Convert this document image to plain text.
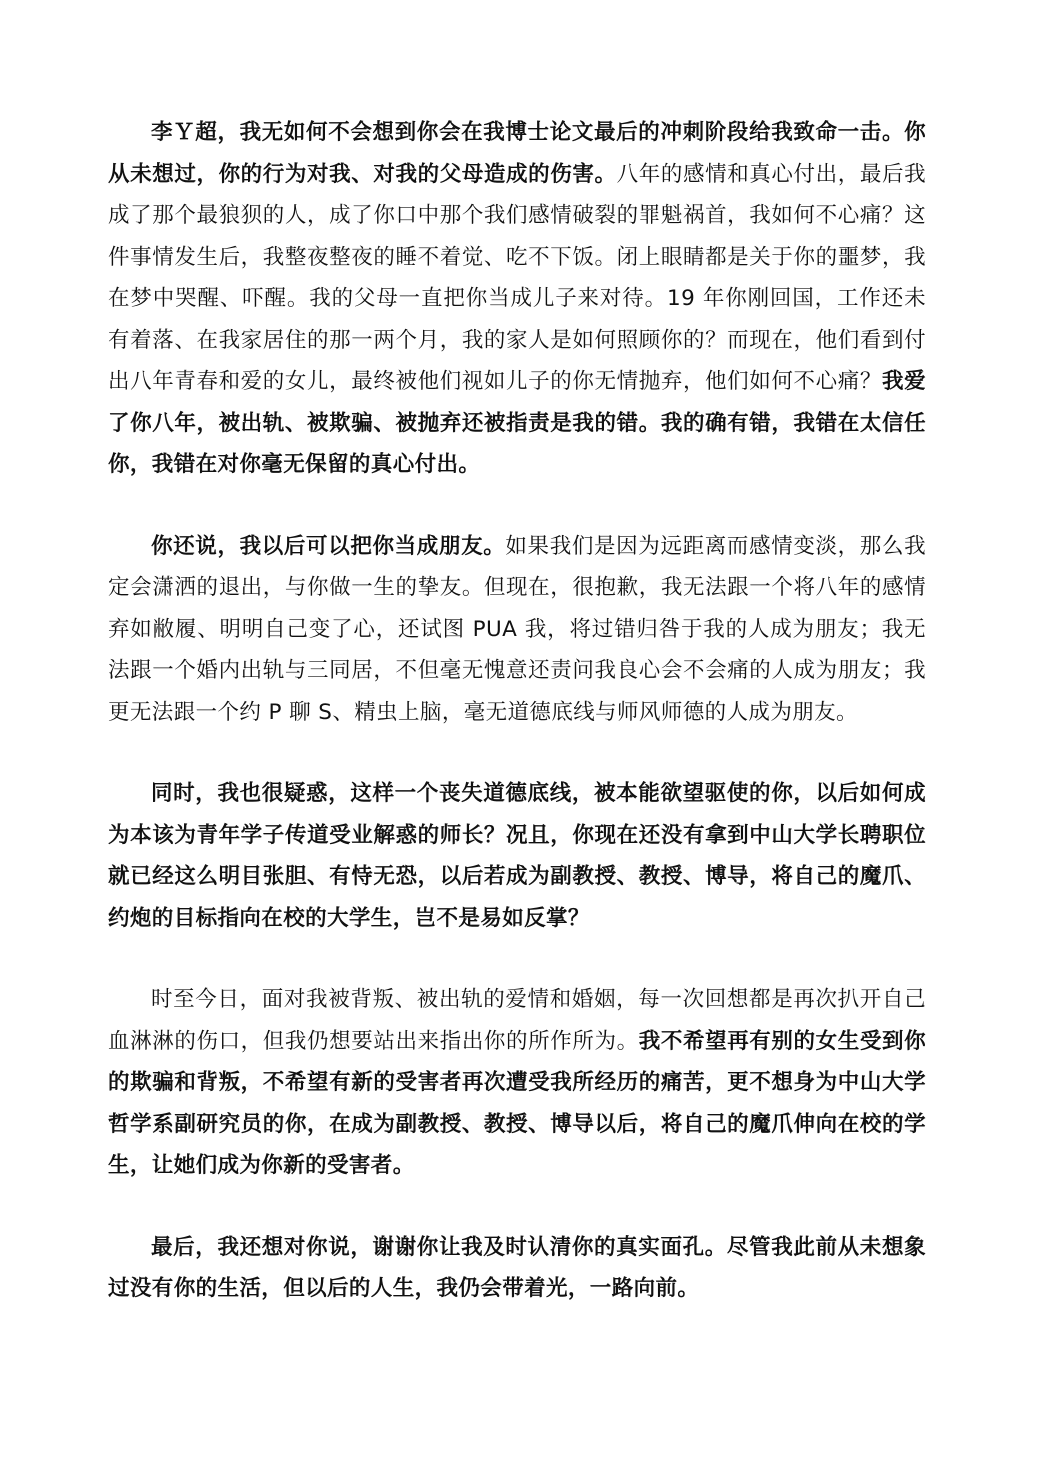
李Ｙ超，我无如何不会想到你会在我博士论文最后的冲刺阶段给我致命一击。你从未想过，你的行为对我、对我的父母造成的伤害。八年的感情和真心付出，最后我成了那个最狼狈的人，成了你口中那个我们感情破裂的罪魁祸首，我如何不心痛？这件事情发生后，我整夜整夜的睡不着觉、吃不下饭。闭上眼睛都是关于你的噩梦，我在梦中哭醒、吓醒。我的父母一直把你当成儿子来对待。19 年你刚回国，工作还未有着落、在我家居住的那一两个月，我的家人是如何照顾你的？而现在，他们看到付出八年青春和爱的女儿，最终被他们视如儿子的你无情抛弃，他们如何不心痛？我爱了你八年，被出轨、被欺骗、被抛弃还被指责是我的错。我的确有错，我错在太信任你，我错在对你毫无保留的真心付出。

你还说，我以后可以把你当成朋友。如果我们是因为远距离而感情变淡，那么我定会潇洒的退出，与你做一生的挚友。但现在，很抱歉，我无法跟一个将八年的感情弃如敝履、明明自己变了心，还试图 PUA 我，将过错归咎于我的人成为朋友；我无法跟一个婚内出轨与三同居，不但毫无愧意还责问我良心会不会痛的人成为朋友；我更无法跟一个约 P 聊 S、精虫上脑，毫无道德底线与师风师德的人成为朋友。

同时，我也很疑惑，这样一个丧失道德底线，被本能欲望驱使的你，以后如何成为本该为青年学子传道受业解惑的师长？况且，你现在还没有拿到中山大学长聘职位就已经这么明目张胆、有恃无恐，以后若成为副教授、教授、博导，将自己的魔爪、约炮的目标指向在校的大学生，岂不是易如反掌？

时至今日，面对我被背叛、被出轨的爱情和婚姻，每一次回想都是再次扒开自己血淋淋的伤口，但我仍想要站出来指出你的所作所为。我不希望再有别的女生受到你的欺骗和背叛，不希望有新的受害者再次遭受我所经历的痛苦，更不想身为中山大学哲学系副研究员的你，在成为副教授、教授、博导以后，将自己的魔爪伸向在校的学生，让她们成为你新的受害者。

最后，我还想对你说，谢谢你让我及时认清你的真实面孔。尽管我此前从未想象过没有你的生活，但以后的人生，我仍会带着光，一路向前。
